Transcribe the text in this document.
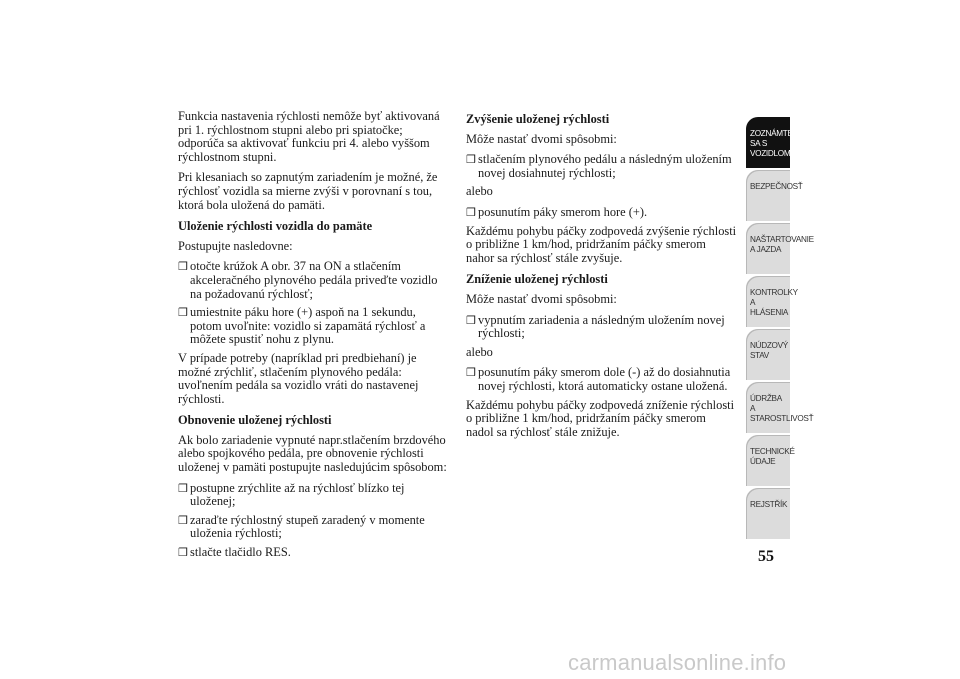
Funkcia nastavenia rýchlosti nemôže byť aktivovaná
pri 1. rýchlostnom stupni alebo pri spiatočke;
odporúča sa aktivovať funkciu pri 4. alebo vyššom
rýchlostnom stupni.
Pri klesaniach so zapnutým zariadením je možné, že
rýchlosť vozidla sa mierne zvýši v porovnaní s tou,
ktorá bola uložená do pamäti.
Uloženie rýchlosti vozidla do pamäte
Postupujte nasledovne:
❒ otočte krúžok A obr. 37 na ON a stlačením
akceleračného plynového pedála priveďte vozidlo
na požadovanú rýchlosť;
❒ umiestnite páku hore (+) aspoň na 1 sekundu,
potom uvoľnite: vozidlo si zapamätá rýchlosť a
môžete spustiť nohu z plynu.
V prípade potreby (napríklad pri predbiehaní) je
možné zrýchliť, stlačením plynového pedála:
uvoľnením pedála sa vozidlo vráti do nastavenej
rýchlosti.
Obnovenie uloženej rýchlosti
Ak bolo zariadenie vypnuté napr.stlačením brzdového
alebo spojkového pedála, pre obnovenie rýchlosti
uloženej v pamäti postupujte nasledujúcim spôsobom:
❒ postupne zrýchlite až na rýchlosť blízko tej
uloženej;
❒ zaraďte rýchlostný stupeň zaradený v momente
uloženia rýchlosti;
❒ stlačte tlačidlo RES.
Zvýšenie uloženej rýchlosti
Môže nastať dvomi spôsobmi:
❒ stlačením plynového pedálu a následným uložením
novej dosiahnutej rýchlosti;
alebo
❒ posunutím páky smerom hore (+).
Každému pohybu páčky zodpovedá zvýšenie rýchlosti
o približne 1 km/hod, pridržaním páčky smerom
nahor sa rýchlosť stále zvyšuje.
Zníženie uloženej rýchlosti
Môže nastať dvomi spôsobmi:
❒ vypnutím zariadenia a následným uložením novej
rýchlosti;
alebo
❒ posunutím páky smerom dole (-) až do dosiahnutia
novej rýchlosti, ktorá automaticky ostane uložená.
Každému pohybu páčky zodpovedá zníženie rýchlosti
o približne 1 km/hod, pridržaním páčky smerom
nadol sa rýchlosť stále znižuje.
ZOZNÁMTE SA S
VOZIDLOM
BEZPEČNOSŤ
NAŠTARTOVANIE
A JAZDA
KONTROLKY A
HLÁSENIA
NÚDZOVÝ STAV
ÚDRŽBA A
STAROSTLIVOSŤ
TECHNICKÉ
ÚDAJE
REJSTŘÍK
55
carmanualsonline.info
